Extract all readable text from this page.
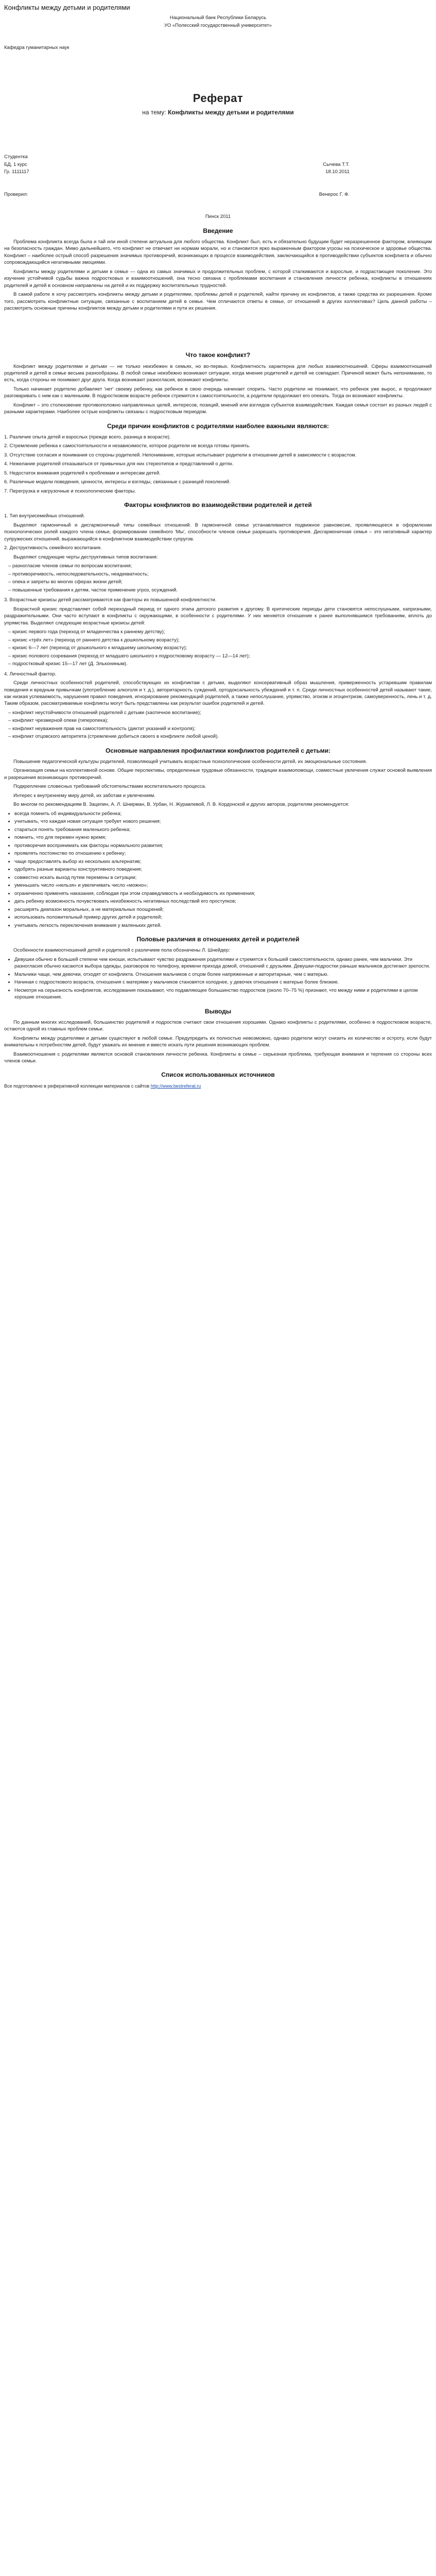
Конфликты между детьми и родителями
Национальный банк Республики Беларусь
УО «Полесский государственный университет»
Кафедра гуманитарных наук
Реферат
на тему: Конфликты между детьми и родителями
Студентка
БД, 1 курс	Сычева Т.Т.
Гр. 1111117	18.10.2011
Проверил:	Венерос Г. Ф.
Пинск 2011
Введение

Проблема конфликта всегда была и тай или иной степени актуальна для любого общества. Конфликт был, есть и обязательно будущим будет неразрешенное фактором, влияющим на безопасность граждан. Мимо дальнейшего, что конфликт не отвечает ни нормам морали, но и становится ярко выраженным фактором угрозы на психическое и здоровье общества. Конфликт – наиболее острый способ разрешения значимых противоречий, возникающих в процессе взаимодействия, заключающийся в противодействии субъектов конфликта и обычно сопровождающийся негативными эмоциями.

Конфликты между родителями и детьми в семье — одна из самых значимых и продолжительных проблем, с которой сталкиваются и взрослые, и подрастающее поколение. Это изучение устойчивой судьбы важна подростковых и взаимоотношений, она тесно связана с проблемами воспитания и становления личности ребенка, конфликты в отношениях родителей и детей в основном направлены на детей и их поддержку воспитательных трудностей.

В самой работе я хочу рассмотреть конфликты между детьми и родителями, проблемы детей и родителей, найти причину их конфликтов, а также средства их разрешения. Кроме того, рассмотреть конфликтные ситуации, связанные с воспитанием детей в семье. Чем отличаются ответы в семье, от отношений в других коллективах? Цель данной работы – рассмотреть основные причины конфликтов между детьми и родителями и пути их решения.

Что такое конфликт?

Конфликт между родителями и детьми — не только неизбежен в семьях, но во-первых. Конфликтность характерна для любых взаимоотношений. Сферы взаимоотношений родителей и детей в семье весьма разнообразны. В любой семье неизбежно возникают ситуации, когда мнение родителей и детей не совпадает. Причиной может быть непонимание, то есть, когда стороны не понимают друг друга. Когда возникают разногласия, возникают конфликты.

Только начинает родителю добавляет 'нет' своему ребенку, как ребенок в свою очередь начинает спорить. Часто родители не понимают, что ребенок уже вырос, и продолжают разговаривать с ним как с маленьким. В подростковом возрасте ребенок стремится к самостоятельности, а родители продолжают его опекать. Тогда он возникают конфликты.

Конфликт – это столкновение противоположно направленных целей, интересов, позиций, мнений или взглядов субъектов взаимодействия. Каждая семья состоит из разных людей с разными характерами. Наиболее острые конфликты связаны с подростковым периодом.

Среди причин конфликтов с родителями наиболее важными являются:

1. Различие опыта детей и взрослых (прежде всего, разница в возрасте).

2. Стремление ребенка к самостоятельности и независимости, которое родители не всегда готовы принять.

3. Отсутствие согласия и понимания со стороны родителей. Непонимание, которые испытывают родители в отношении детей в зависимости с возрастом.

4. Нежелание родителей отказываться от привычных для них стереотипов и представлений о детях.

5. Недостаток внимания родителей к проблемам и интересам детей.

6. Различные модели поведения, ценности, интересы и взгляды, связанные с разницей поколений.

7. Перегрузка и нагрузочные и психологические факторы.

Факторы конфликтов во взаимодействии родителей и детей

1. Тип внутрисемейных отношений.

Выделяют гармоничный и дисгармоничный типы семейных отношений. В гармоничной семье устанавливается подвижное равновесие, проявляющееся в оформлении психологических ролей каждого члена семьи, формировании семейного 'Мы', способности членов семьи разрешать противоречия. Дисгармоничная семья – это негативный характер супружеских отношений, выражающийся в конфликтном взаимодействии супругов.

2. Деструктивность семейного воспитания.

Выделяют следующие черты деструктивных типов воспитания:

– разногласие членов семьи по вопросам воспитания;
– противоречивость, непоследовательность, неадекватность;
– опека и запреты во многих сферах жизни детей;
– повышенные требования к детям, частое применение угроз, осуждений.

3. Возрастные кризисы детей рассматриваются как факторы их повышенной конфликтности.

Возрастной кризис представляет собой переходный период от одного этапа детского развития к другому. В критические периоды дети становятся непослушными, капризными, раздражительными. Они часто вступают в конфликты с окружающими, в особенности с родителями. У них меняется отношение к ранее выполнявшимся требованиям, вплоть до упрямства. Выделяют следующие возрастные кризисы детей:

– кризис первого года (переход от младенчества к раннему детству);
– кризис «трёх лет» (переход от раннего детства к дошкольному возрасту);
– кризис 6—7 лет (переход от дошкольного к младшему школьному возрасту);
– кризис полового созревания (переход от младшего школьного к подростковому возрасту — 12—14 лет);
– подростковый кризис 15—17 лет (Д. Элькониным).

4. Личностный фактор.

Среди личностных особенностей родителей, способствующих их конфликтам с детьми, выделяют консервативный образ мышления, приверженность устаревшим правилам поведения и вредным привычкам (употребление алкоголя и т. д.), авторитарность суждений, ортодоксальность убеждений и т. п. Среди личностных особенностей детей называют такие, как низкая успеваемость, нарушения правил поведения, игнорирование рекомендаций родителей, а также непослушание, упрямство, эгоизм и эгоцентризм, самоуверенность, лень и т. д. Таким образом, рассматриваемые конфликты могут быть представлены как результат ошибок родителей и детей.

– конфликт неустойчивости отношений родителей с детьми (хаотичное воспитание);
– конфликт чрезмерной опеки (гиперопека);
– конфликт неуважения прав на самостоятельность (диктат указаний и контроля);
– конфликт отцовского авторитета (стремление добиться своего в конфликте любой ценой).
Основные направления профилактики конфликтов родителей с детьми:

Повышение педагогической культуры родителей, позволяющей учитывать возрастные психологические особенности детей, их эмоциональные состояния.

Организация семьи на коллективной основе. Общие перспективы, определенные трудовые обязанности, традиции взаимопомощи, совместные увлечения служат основой выявления и разрешения возникающих противоречий.

Подкрепление словесных требований обстоятельствами воспитательного процесса.

Интерес к внутреннему миру детей, их заботам и увлечениям.

Во многом по рекомендациям В. Зацепин, А. Л. Шнирман, В. Урбан, Н. Журавлевой, Л. В. Кордонской и других авторов, родителям рекомендуется:

• всегда помнить об индивидуальности ребенка;
• учитывать, что каждая новая ситуация требует нового решения;
• стараться понять требования маленького ребенка;
• помнить, что для перемен нужно время;
• противоречия воспринимать как факторы нормального развития;
• проявлять постоянство по отношению к ребенку;
• чаще предоставлять выбор из нескольких альтернатив;
• одобрять разные варианты конструктивного поведения;
• совместно искать выход путем перемены в ситуации;
• уменьшать число «нельзя» и увеличивать число «можно»;
• ограниченно применять наказания, соблюдая при этом справедливость и необходимость их применения;
• дать ребенку возможность почувствовать неизбежность негативных последствий его проступков;
• расширять диапазон моральных, а не материальных поощрений;
• использовать положительный пример других детей и родителей;
• учитывать легкость переключения внимания у маленьких детей.
Половые различия в отношениях детей и родителей

Особенности взаимоотношений детей и родителей с различием пола обозначены Л. Шнейдер:

• Девушки обычно в большей степени чем юноши, испытывают чувство раздражения родителями и стремятся к большей самостоятельности, однако ранее, чем мальчики. Эти разногласия обычно касаются выбора одежды, разговоров по телефону, времени прихода домой, отношений с друзьями. Девушки-подростки раньше мальчиков достигают зрелости.
• Мальчики чаще, чем девочки, отходят от конфликта. Отношения мальчиков с отцом более напряженные и авторитарные, чем с матерью.
• Начиная с подросткового возраста, отношения с матерями у мальчиков становятся холоднее, у девочек отношения с матерью более близкие.
• Несмотря на серьезность конфликтов, исследования показывают, что подавляющее большинство подростков (около 70–75 %) признают, что между ними и родителями в целом хорошие отношения.
Выводы

По данным многих исследований, большинство родителей и подростков считают свои отношения хорошими. Однако конфликты с родителями, особенно в подростковом возрасте, остаются одной из главных проблем семьи.

Конфликты между родителями и детьми существуют в любой семье. Предупредить их полностью невозможно, однако родители могут снизить их количество и остроту, если будут внимательны к потребностям детей, будут уважать их мнение и вместе искать пути решения возникающих проблем.

Взаимоотношения с родителями являются основой становления личности ребенка. Конфликты в семье – серьезная проблема, требующая внимания и терпения со стороны всех членов семьи.

Список использованных источников
Все подготовлено в реферативной коллекции материалов с сайтов http://www.bestreferat.ru
